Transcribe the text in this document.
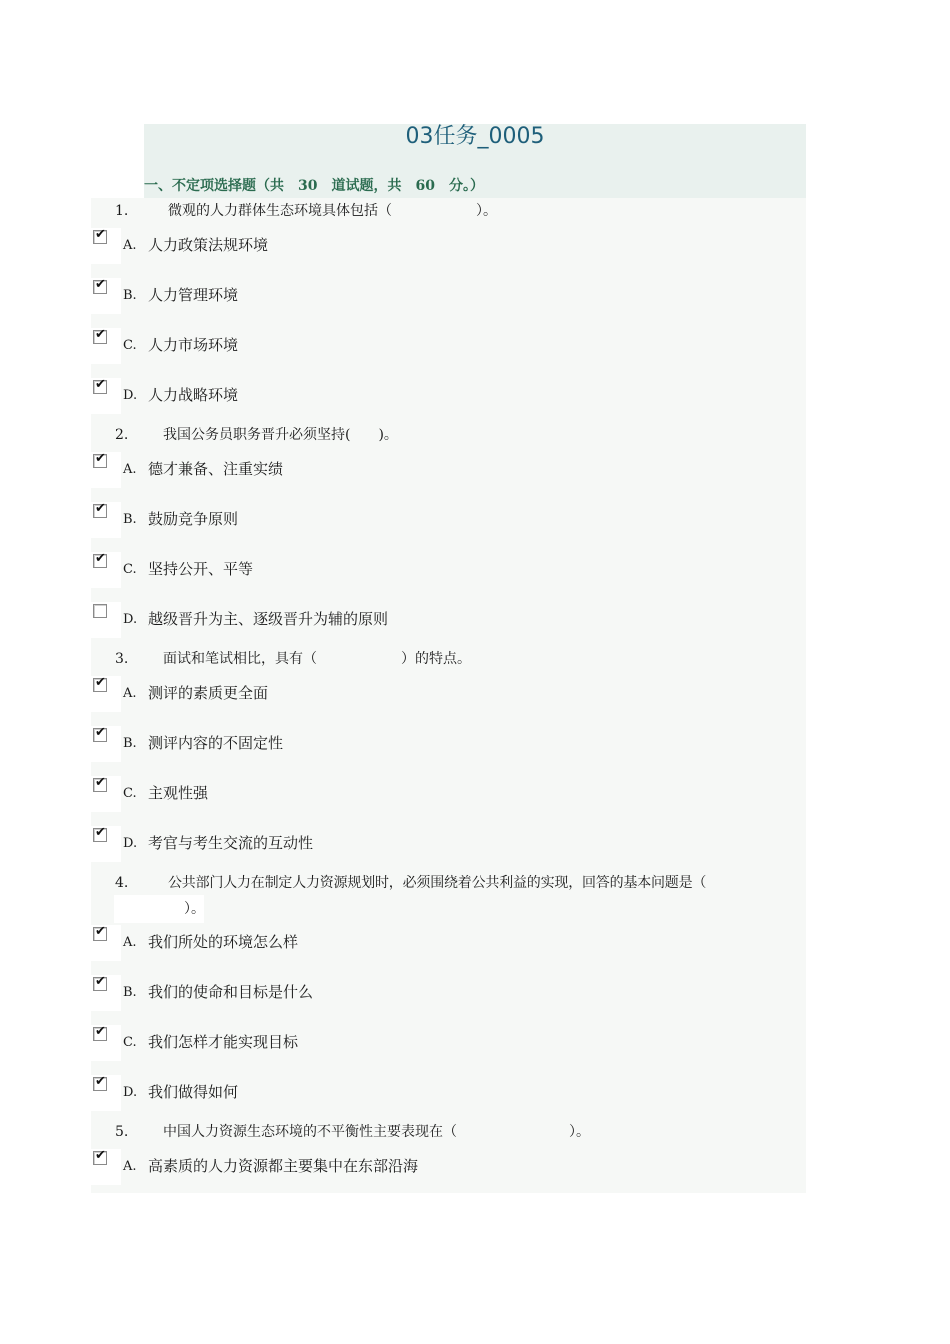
03任务_0005
一、不定项选择题（共　30　道试题，共　60　分。）
1.	微观的人力群体生态环境具体包括（　　　　　　）。
✔
A. 人力政策法规环境
✔
B. 人力管理环境
✔
C. 人力市场环境
✔
D. 人力战略环境
2. 我国公务员职务晋升必须坚持(　　)。
✔
A. 德才兼备、注重实绩
✔
B. 鼓励竞争原则
✔
C. 坚持公开、平等
D. 越级晋升为主、逐级晋升为辅的原则
3. 面试和笔试相比，具有（　　　　　　）的特点。
✔
A. 测评的素质更全面
✔
B. 测评内容的不固定性
✔
C. 主观性强
✔
D. 考官与考生交流的互动性
4.	公共部门人力在制定人力资源规划时，必须围绕着公共利益的实现，回答的基本问题是（
　　　　　）。
✔
A. 我们所处的环境怎么样
✔
B. 我们的使命和目标是什么
✔
C. 我们怎样才能实现目标
✔
D. 我们做得如何
5. 中国人力资源生态环境的不平衡性主要表现在（　　　　　　　　）。
✔
A. 高素质的人力资源都主要集中在东部沿海
